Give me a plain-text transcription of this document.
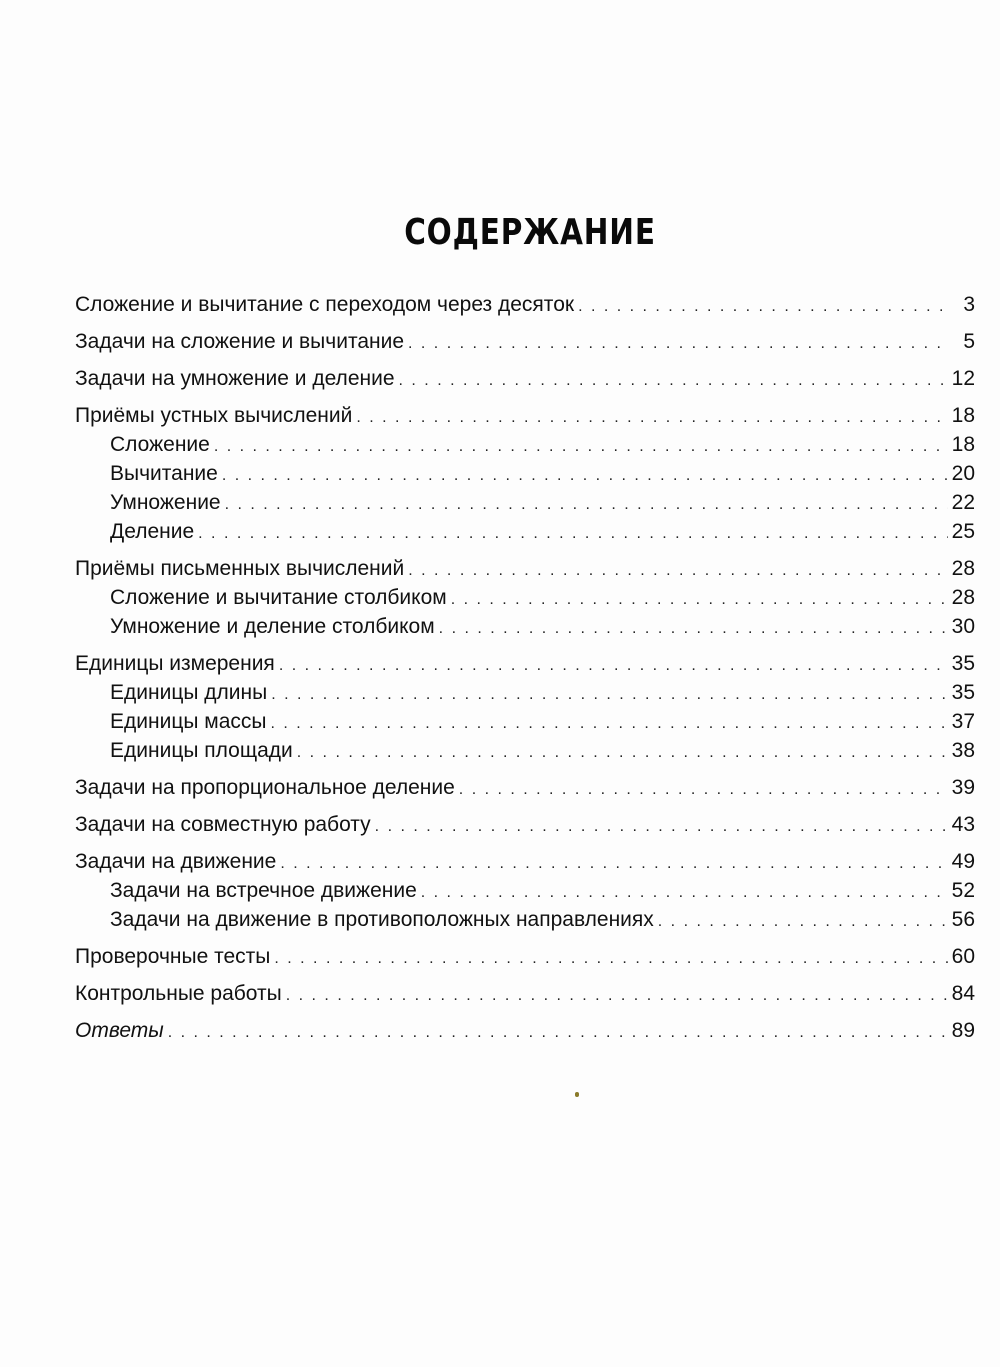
СОДЕРЖАНИЕ
Сложение и вычитание с переходом через десяток . . .	3
Задачи на сложение и вычитание . . .	5
Задачи на умножение и деление . . .	12
Приёмы устных вычислений . . .	18
Сложение . . .	18
Вычитание . . .	20
Умножение . . .	22
Деление . . .	25
Приёмы письменных вычислений . . .	28
Сложение и вычитание столбиком . . .	28
Умножение и деление столбиком . . .	30
Единицы измерения . . .	35
Единицы длины . . .	35
Единицы массы . . .	37
Единицы площади . . .	38
Задачи на пропорциональное деление . . .	39
Задачи на совместную работу . . .	43
Задачи на движение . . .	49
Задачи на встречное движение . . .	52
Задачи на движение в противоположных направлениях . . .	56
Проверочные тесты . . .	60
Контрольные работы . . .	84
Ответы . . .	89
